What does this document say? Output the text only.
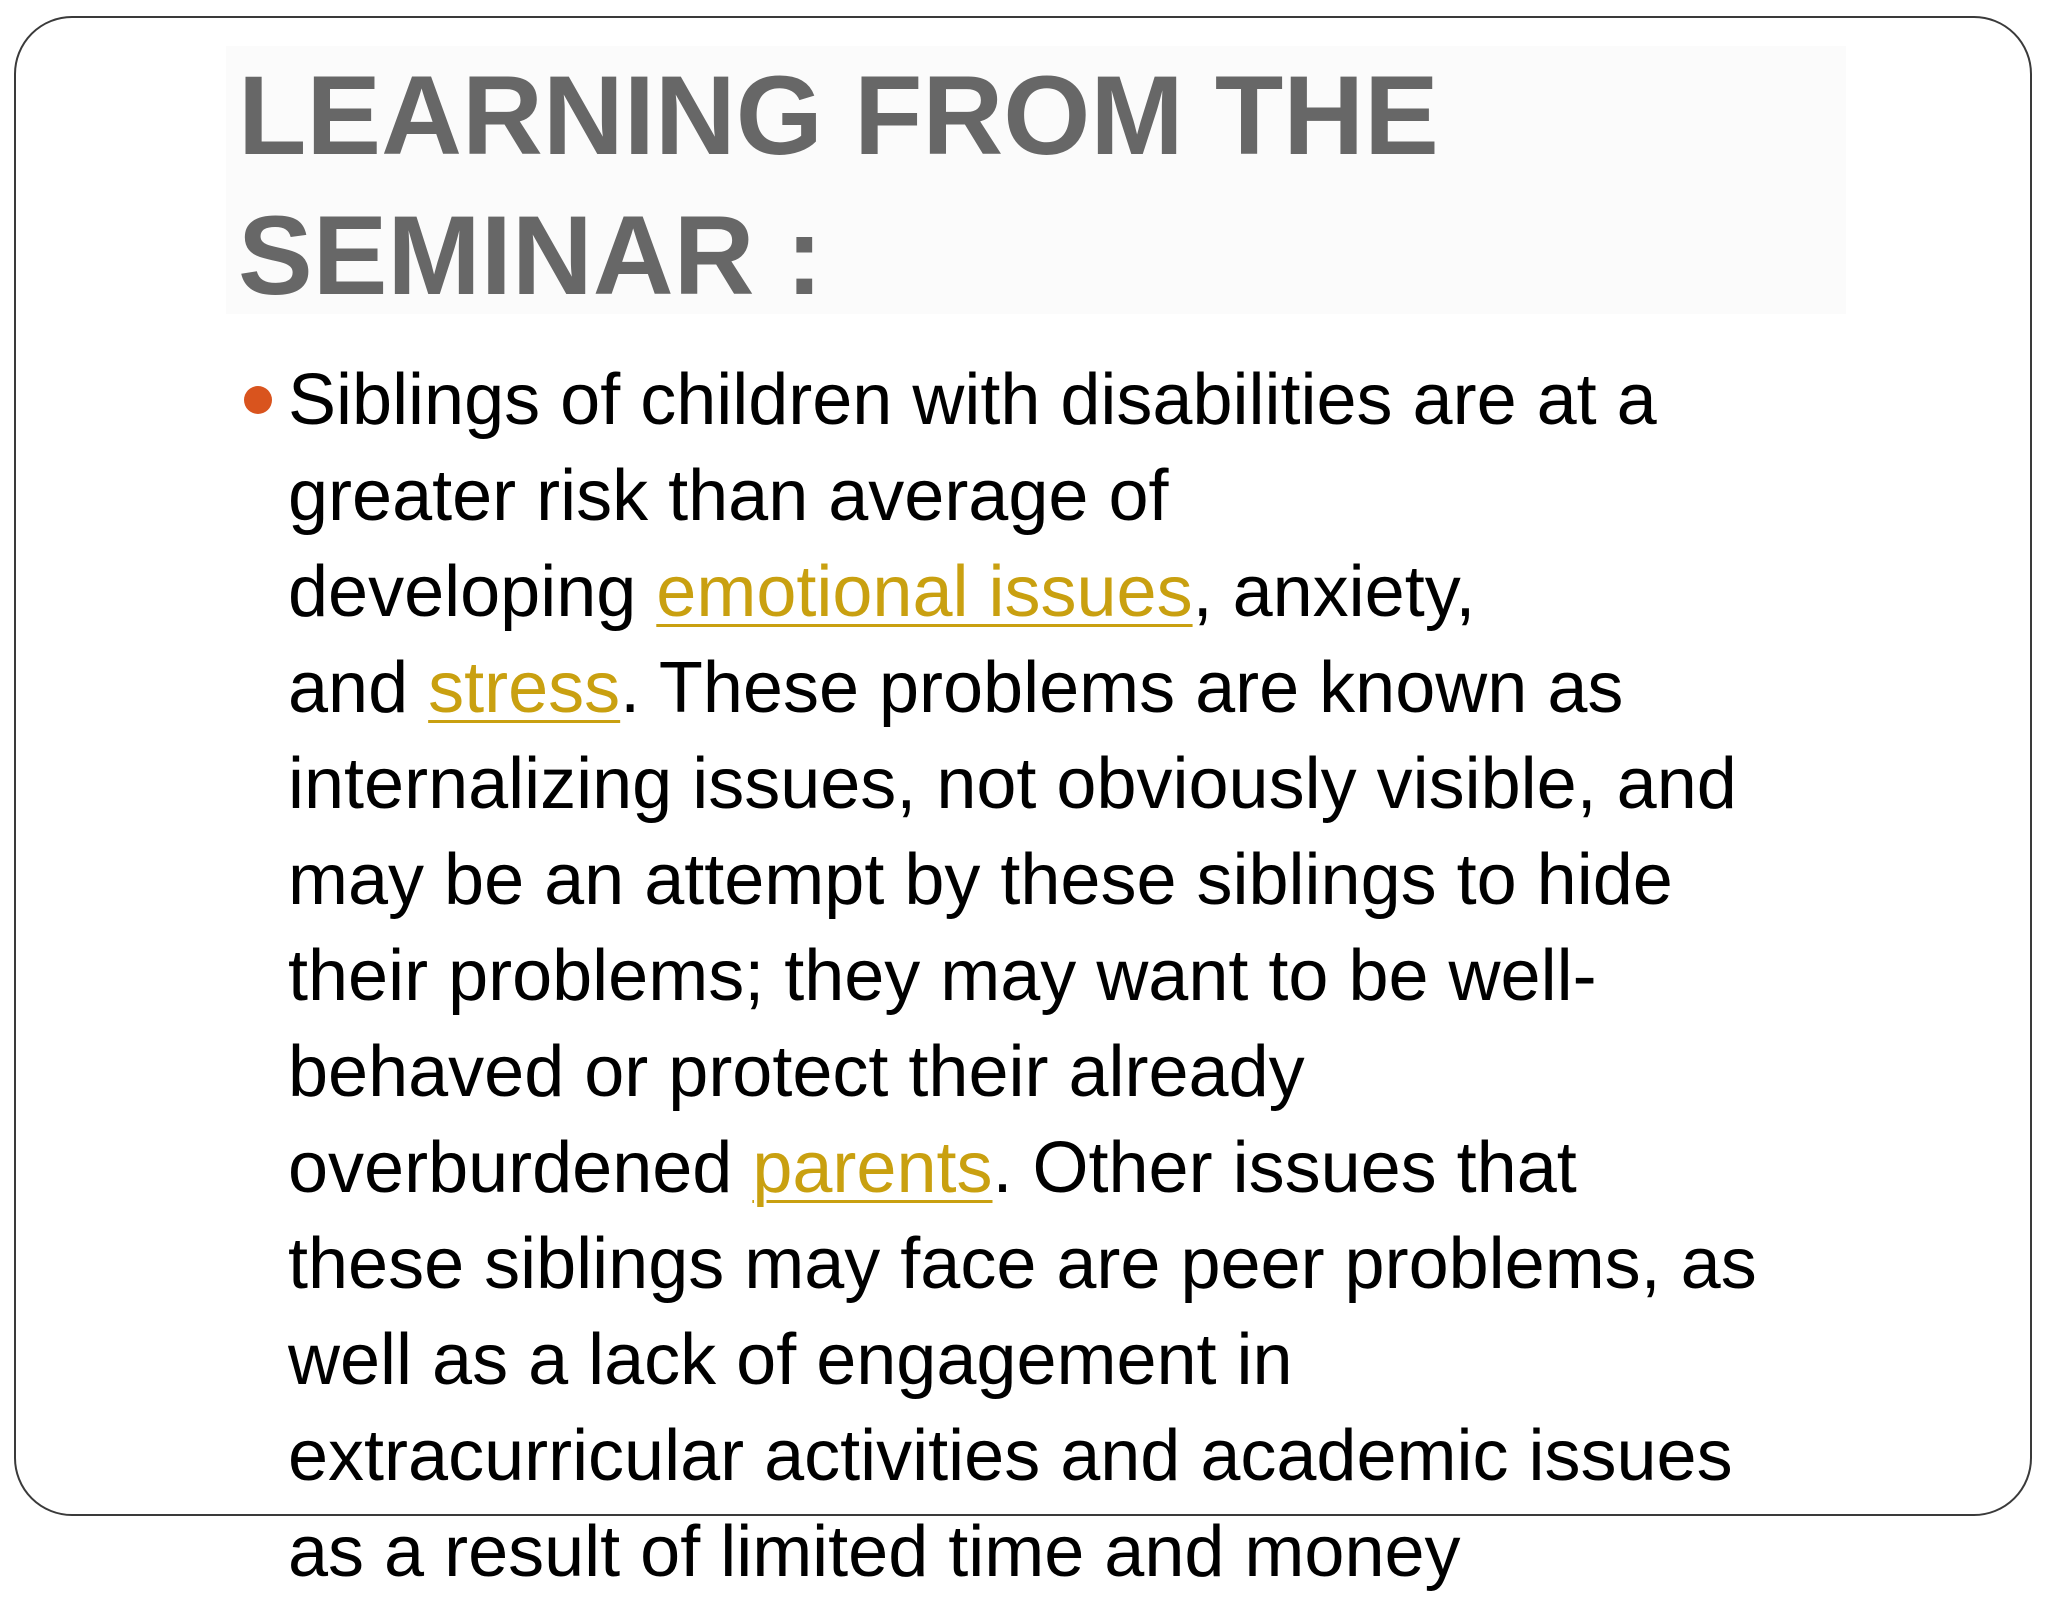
LEARNING FROM THE
SEMINAR :
Siblings of children with disabilities are at a
greater risk than average of
developing emotional issues, anxiety,
and stress. These problems are known as
internalizing issues, not obviously visible, and
may be an attempt by these siblings to hide
their problems; they may want to be well-
behaved or protect their already
overburdened parents. Other issues that
these siblings may face are peer problems, as
well as a lack of engagement in
extracurricular activities and academic issues
as a result of limited time and money
